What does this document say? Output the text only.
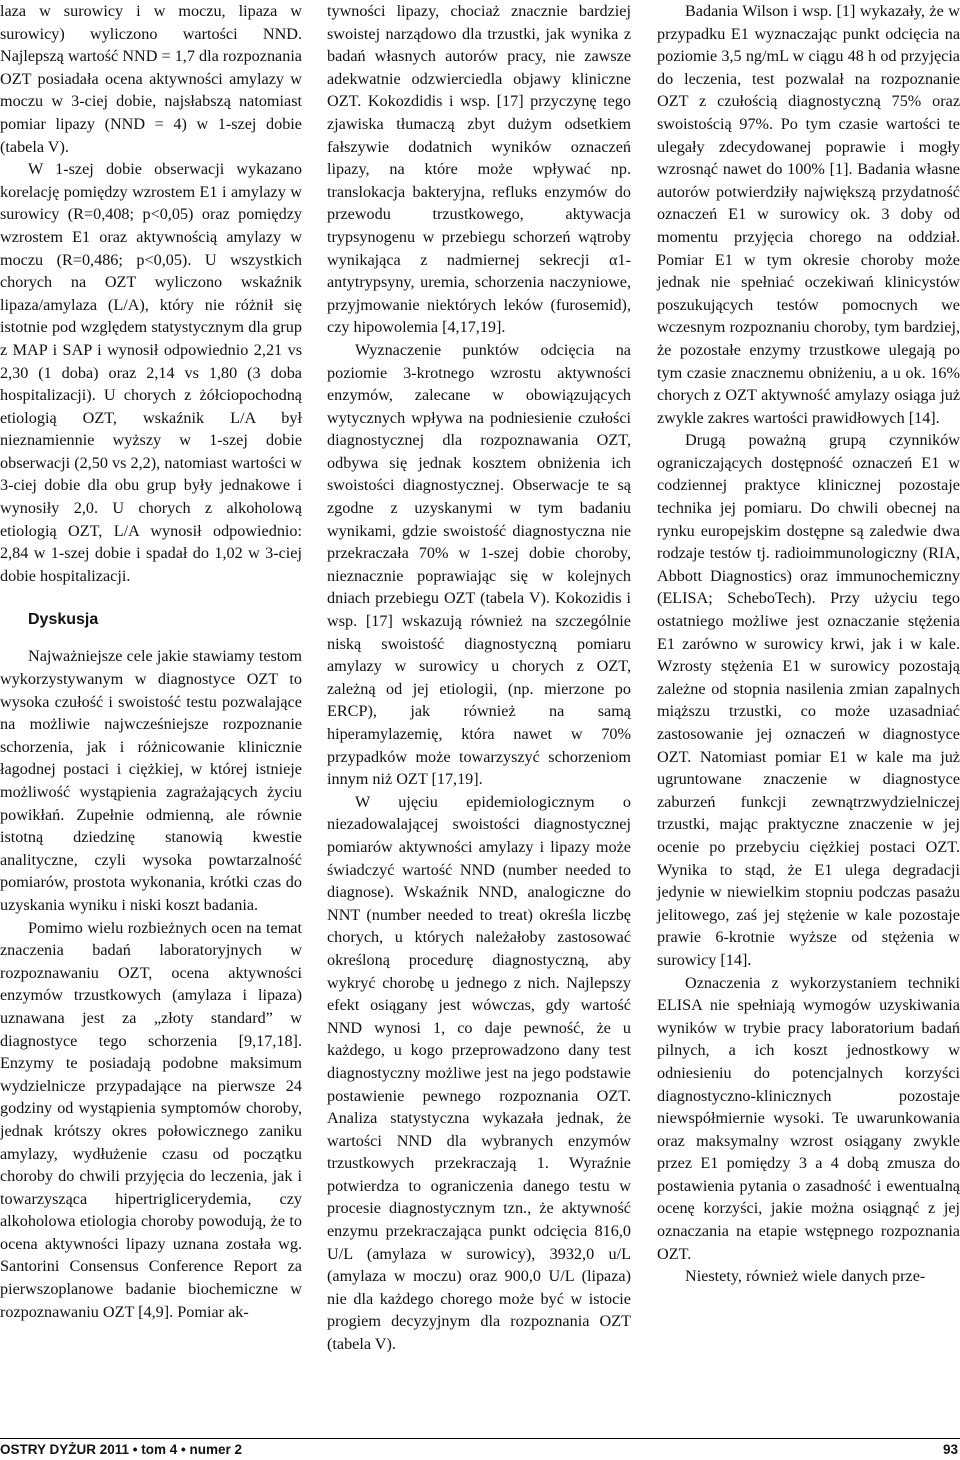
laza w surowicy i w moczu, lipaza w surowicy) wyliczono wartości NND. Najlepszą wartość NND = 1,7 dla rozpoznania OZT posiadała ocena aktywności amylazy w moczu w 3-ciej dobie, najsłabszą natomiast pomiar lipazy (NND = 4) w 1-szej dobie (tabela V).

W 1-szej dobie obserwacji wykazano korelację pomiędzy wzrostem E1 i amylazy w surowicy (R=0,408; p<0,05) oraz pomiędzy wzrostem E1 oraz aktywnością amylazy w moczu (R=0,486; p<0,05). U wszystkich chorych na OZT wyliczono wskaźnik lipaza/amylaza (L/A), który nie różnił się istotnie pod względem statystycznym dla grup z MAP i SAP i wynosił odpowiednio 2,21 vs 2,30 (1 doba) oraz 2,14 vs 1,80 (3 doba hospitalizacji). U chorych z żółciopochodną etiologią OZT, wskaźnik L/A był nieznamiennie wyższy w 1-szej dobie obserwacji (2,50 vs 2,2), natomiast wartości w 3-ciej dobie dla obu grup były jednakowe i wynosiły 2,0. U chorych z alkoholową etiologią OZT, L/A wynosił odpowiednio: 2,84 w 1-szej dobie i spadał do 1,02 w 3-ciej dobie hospitalizacji.

Dyskusja

Najważniejsze cele jakie stawiamy testom wykorzystywanym w diagnostyce OZT to wysoka czułość i swoistość testu pozwalające na możliwie najwcześniejsze rozpoznanie schorzenia, jak i różnicowanie klinicznie łagodnej postaci i ciężkiej, w której istnieje możliwość wystąpienia zagrażających życiu powikłań. Zupełnie odmienną, ale równie istotną dziedzinę stanowią kwestie analityczne, czyli wysoka powtarzalność pomiarów, prostota wykonania, krótki czas do uzyskania wyniku i niski koszt badania.

Pomimo wielu rozbieżnych ocen na temat znaczenia badań laboratoryjnych w rozpoznawaniu OZT, ocena aktywności enzymów trzustkowych (amylaza i lipaza) uznawana jest za „złoty standard” w diagnostyce tego schorzenia [9,17,18]. Enzymy te posiadają podobne maksimum wydzielnicze przypadające na pierwsze 24 godziny od wystąpienia symptomów choroby, jednak krótszy okres połowicznego zaniku amylazy, wydłużenie czasu od początku choroby do chwili przyjęcia do leczenia, jak i towarzysząca hipertriglicerydemia, czy alkoholowa etiologia choroby powodują, że to ocena aktywności lipazy uznana została wg. Santorini Consensus Conference Report za pierwszoplanowe badanie biochemiczne w rozpoznawaniu OZT [4,9]. Pomiar ak-

tywności lipazy, chociaż znacznie bardziej swoistej narządowo dla trzustki, jak wynika z badań własnych autorów pracy, nie zawsze adekwatnie odzwierciedla objawy kliniczne OZT. Kokozdidis i wsp. [17] przyczynę tego zjawiska tłumaczą zbyt dużym odsetkiem fałszywie dodatnich wyników oznaczeń lipazy, na które może wpływać np. translokacja bakteryjna, refluks enzymów do przewodu trzustkowego, aktywacja trypsynogenu w przebiegu schorzeń wątroby wynikająca z nadmiernej sekrecji α1-antytrypsyny, uremia, schorzenia naczyniowe, przyjmowanie niektórych leków (furosemid), czy hipowolemia [4,17,19].

Wyznaczenie punktów odcięcia na poziomie 3-krotnego wzrostu aktywności enzymów, zalecane w obowiązujących wytycznych wpływa na podniesienie czułości diagnostycznej dla rozpoznawania OZT, odbywa się jednak kosztem obniżenia ich swoistości diagnostycznej. Obserwacje te są zgodne z uzyskanymi w tym badaniu wynikami, gdzie swoistość diagnostyczna nie przekraczała 70% w 1-szej dobie choroby, nieznacznie poprawiając się w kolejnych dniach przebiegu OZT (tabela V). Kokozidis i wsp. [17] wskazują również na szczególnie niską swoistość diagnostyczną pomiaru amylazy w surowicy u chorych z OZT, zależną od jej etiologii, (np. mierzone po ERCP), jak również na samą hiperamylazemię, która nawet w 70% przypadków może towarzyszyć schorzeniom innym niż OZT [17,19].

W ujęciu epidemiologicznym o niezadowalającej swoistości diagnostycznej pomiarów aktywności amylazy i lipazy może świadczyć wartość NND (number needed to diagnose). Wskaźnik NND, analogiczne do NNT (number needed to treat) określa liczbę chorych, u których należałoby zastosować określoną procedurę diagnostyczną, aby wykryć chorobę u jednego z nich. Najlepszy efekt osiągany jest wówczas, gdy wartość NND wynosi 1, co daje pewność, że u każdego, u kogo przeprowadzono dany test diagnostyczny możliwe jest na jego podstawie postawienie pewnego rozpoznania OZT. Analiza statystyczna wykazała jednak, że wartości NND dla wybranych enzymów trzustkowych przekraczają 1. Wyraźnie potwierdza to ograniczenia danego testu w procesie diagnostycznym tzn., że aktywność enzymu przekraczająca punkt odcięcia 816,0 U/L (amylaza w surowicy), 3932,0 u/L (amylaza w moczu) oraz 900,0 U/L (lipaza) nie dla każdego chorego może być w istocie progiem decyzyjnym dla rozpoznania OZT (tabela V).

Badania Wilson i wsp. [1] wykazały, że w przypadku E1 wyznaczając punkt odcięcia na poziomie 3,5 ng/mL w ciągu 48 h od przyjęcia do leczenia, test pozwalał na rozpoznanie OZT z czułością diagnostyczną 75% oraz swoistością 97%. Po tym czasie wartości te ulegały zdecydowanej poprawie i mogły wzrosnąć nawet do 100% [1]. Badania własne autorów potwierdziły największą przydatność oznaczeń E1 w surowicy ok. 3 doby od momentu przyjęcia chorego na oddział. Pomiar E1 w tym okresie choroby może jednak nie spełniać oczekiwań klinicystów poszukujących testów pomocnych we wczesnym rozpoznaniu choroby, tym bardziej, że pozostałe enzymy trzustkowe ulegają po tym czasie znacznemu obniżeniu, a u ok. 16% chorych z OZT aktywność amylazy osiąga już zwykle zakres wartości prawidłowych [14].

Drugą poważną grupą czynników ograniczających dostępność oznaczeń E1 w codziennej praktyce klinicznej pozostaje technika jej pomiaru. Do chwili obecnej na rynku europejskim dostępne są zaledwie dwa rodzaje testów tj. radioimmunologiczny (RIA, Abbott Diagnostics) oraz immunochemiczny (ELISA; ScheboTech). Przy użyciu tego ostatniego możliwe jest oznaczanie stężenia E1 zarówno w surowicy krwi, jak i w kale. Wzrosty stężenia E1 w surowicy pozostają zależne od stopnia nasilenia zmian zapalnych miąższu trzustki, co może uzasadniać zastosowanie jej oznaczeń w diagnostyce OZT. Natomiast pomiar E1 w kale ma już ugruntowane znaczenie w diagnostyce zaburzeń funkcji zewnątrzwydzielniczej trzustki, mając praktyczne znaczenie w jej ocenie po przebyciu ciężkiej postaci OZT. Wynika to stąd, że E1 ulega degradacji jedynie w niewielkim stopniu podczas pasażu jelitowego, zaś jej stężenie w kale pozostaje prawie 6-krotnie wyższe od stężenia w surowicy [14].

Oznaczenia z wykorzystaniem techniki ELISA nie spełniają wymogów uzyskiwania wyników w trybie pracy laboratorium badań pilnych, a ich koszt jednostkowy w odniesieniu do potencjalnych korzyści diagnostyczno-klinicznych pozostaje niewspółmiernie wysoki. Te uwarunkowania oraz maksymalny wzrost osiągany zwykle przez E1 pomiędzy 3 a 4 dobą zmusza do postawienia pytania o zasadność i ewentualną ocenę korzyści, jakie można osiągnąć z jej oznaczania na etapie wstępnego rozpoznania OZT.

Niestety, również wiele danych prze-

OSTRY DYŻUR 2011 • tom 4 • numer 2	93
